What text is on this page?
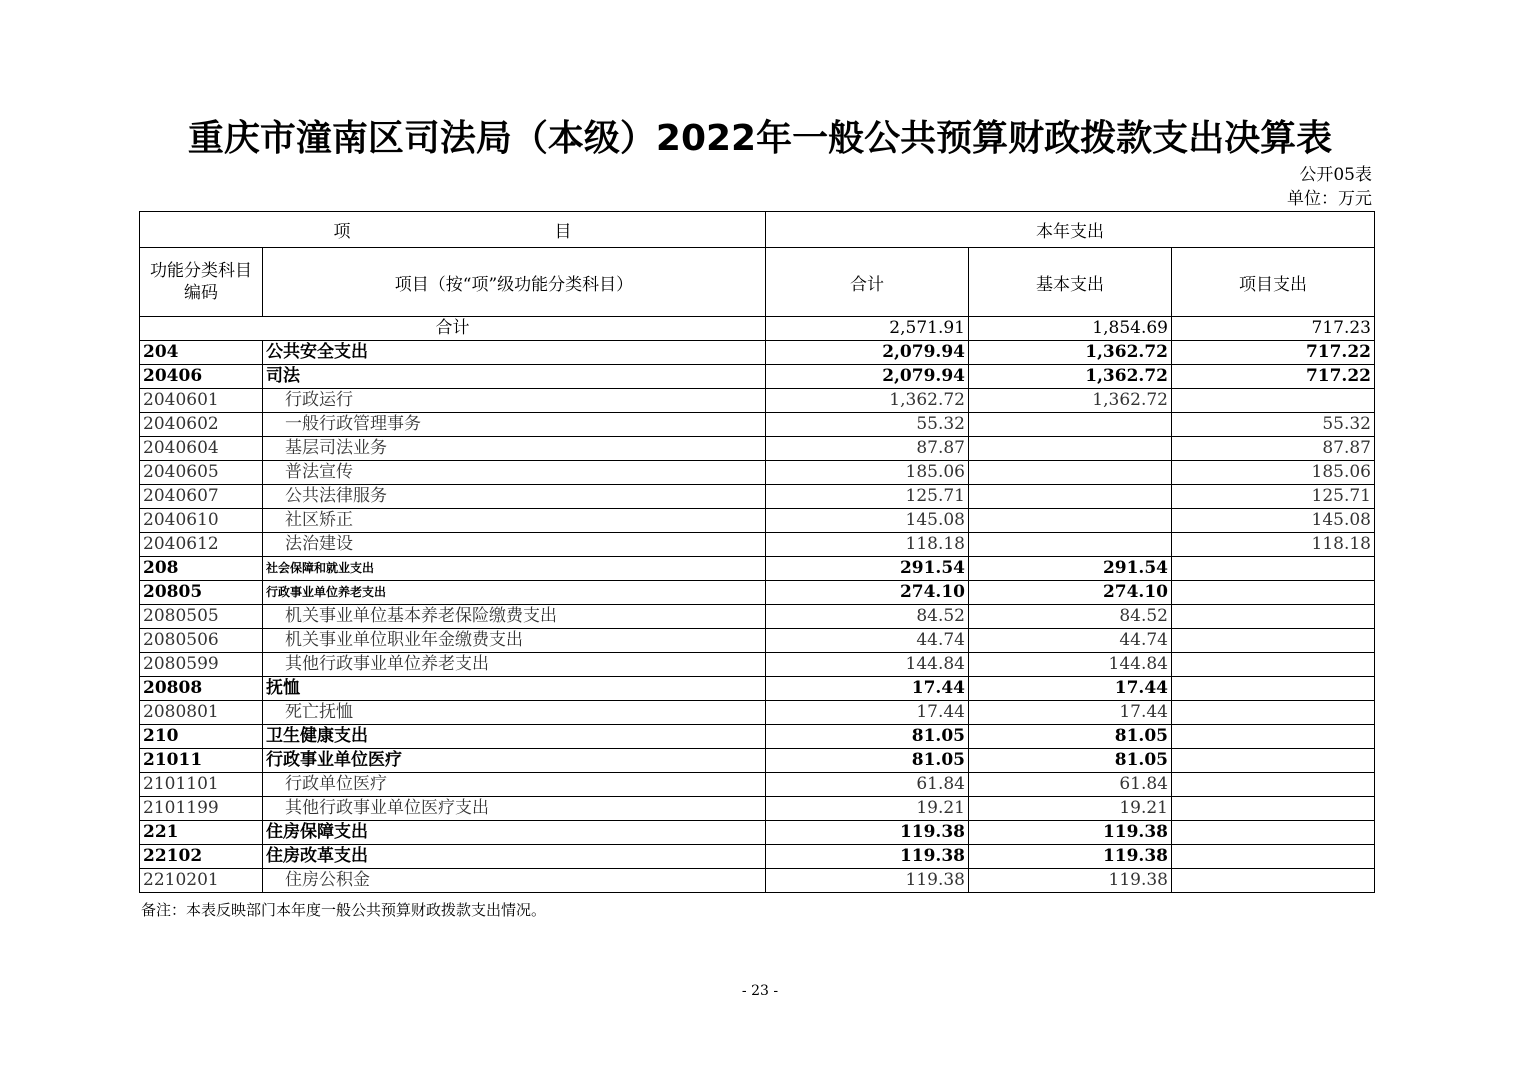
重庆市潼南区司法局（本级）2022年一般公共预算财政拨款支出决算表
公开05表
单位：万元
项　　　　　　　　　　　　目		本年支出		
功能分类科目编码	项目（按“项”级功能分类科目）	合计	基本支出	项目支出
合计		2,571.91	1,854.69	717.23
204	公共安全支出	2,079.94	1,362.72	717.22
20406	司法	2,079.94	1,362.72	717.22
2040601	行政运行	1,362.72	1,362.72	
2040602	一般行政管理事务	55.32		55.32
2040604	基层司法业务	87.87		87.87
2040605	普法宣传	185.06		185.06
2040607	公共法律服务	125.71		125.71
2040610	社区矫正	145.08		145.08
2040612	法治建设	118.18		118.18
208	社会保障和就业支出	291.54	291.54	
20805	行政事业单位养老支出	274.10	274.10	
2080505	机关事业单位基本养老保险缴费支出	84.52	84.52	
2080506	机关事业单位职业年金缴费支出	44.74	44.74	
2080599	其他行政事业单位养老支出	144.84	144.84	
20808	抚恤	17.44	17.44	
2080801	死亡抚恤	17.44	17.44	
210	卫生健康支出	81.05	81.05	
21011	行政事业单位医疗	81.05	81.05	
2101101	行政单位医疗	61.84	61.84	
2101199	其他行政事业单位医疗支出	19.21	19.21	
221	住房保障支出	119.38	119.38	
22102	住房改革支出	119.38	119.38	
2210201	住房公积金	119.38	119.38	
备注：本表反映部门本年度一般公共预算财政拨款支出情况。
- 23 -
